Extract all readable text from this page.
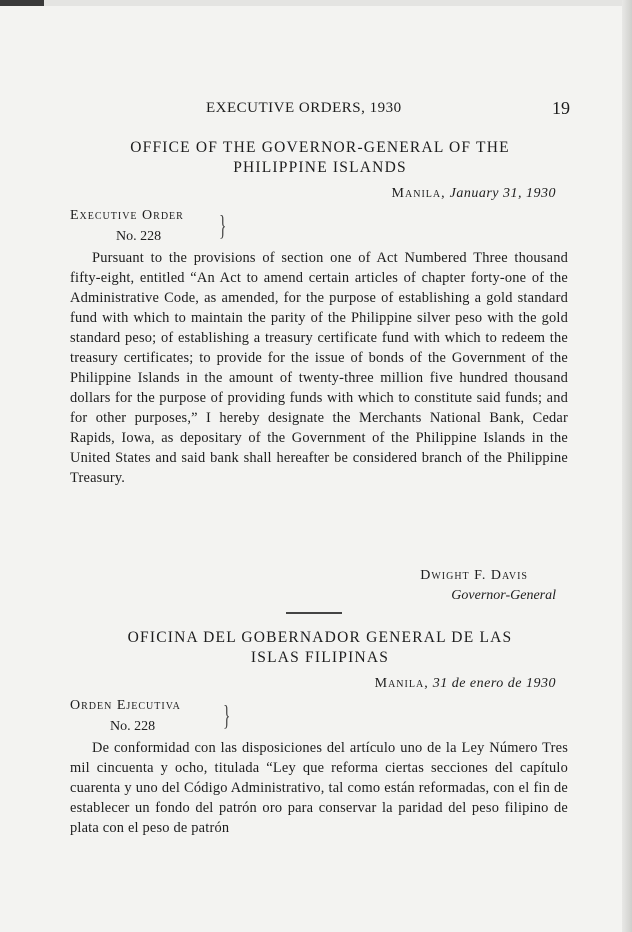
EXECUTIVE ORDERS, 1930	19
OFFICE OF THE GOVERNOR-GENERAL OF THE PHILIPPINE ISLANDS
Manila, January 31, 1930
Executive Order
No. 228 }
Pursuant to the provisions of section one of Act Numbered Three thousand fifty-eight, entitled “An Act to amend certain articles of chapter forty-one of the Administrative Code, as amended, for the purpose of establishing a gold standard fund with which to maintain the parity of the Philippine silver peso with the gold standard peso; of establishing a treasury certificate fund with which to redeem the treasury certificates; to provide for the issue of bonds of the Government of the Philippine Islands in the amount of twenty-three million five hundred thousand dollars for the purpose of providing funds with which to constitute said funds; and for other purposes,” I hereby designate the Merchants National Bank, Cedar Rapids, Iowa, as depositary of the Government of the Philippine Islands in the United States and said bank shall hereafter be considered branch of the Philippine Treasury.
Dwight F. Davis
Governor-General
OFICINA DEL GOBERNADOR GENERAL DE LAS ISLAS FILIPINAS
Manila, 31 de enero de 1930
Orden Ejecutiva
No. 228 }
De conformidad con las disposiciones del artículo uno de la Ley Número Tres mil cincuenta y ocho, titulada “Ley que reforma ciertas secciones del capítulo cuarenta y uno del Código Administrativo, tal como están reformadas, con el fin de establecer un fondo del patrón oro para conservar la paridad del peso filipino de plata con el peso de patrón
